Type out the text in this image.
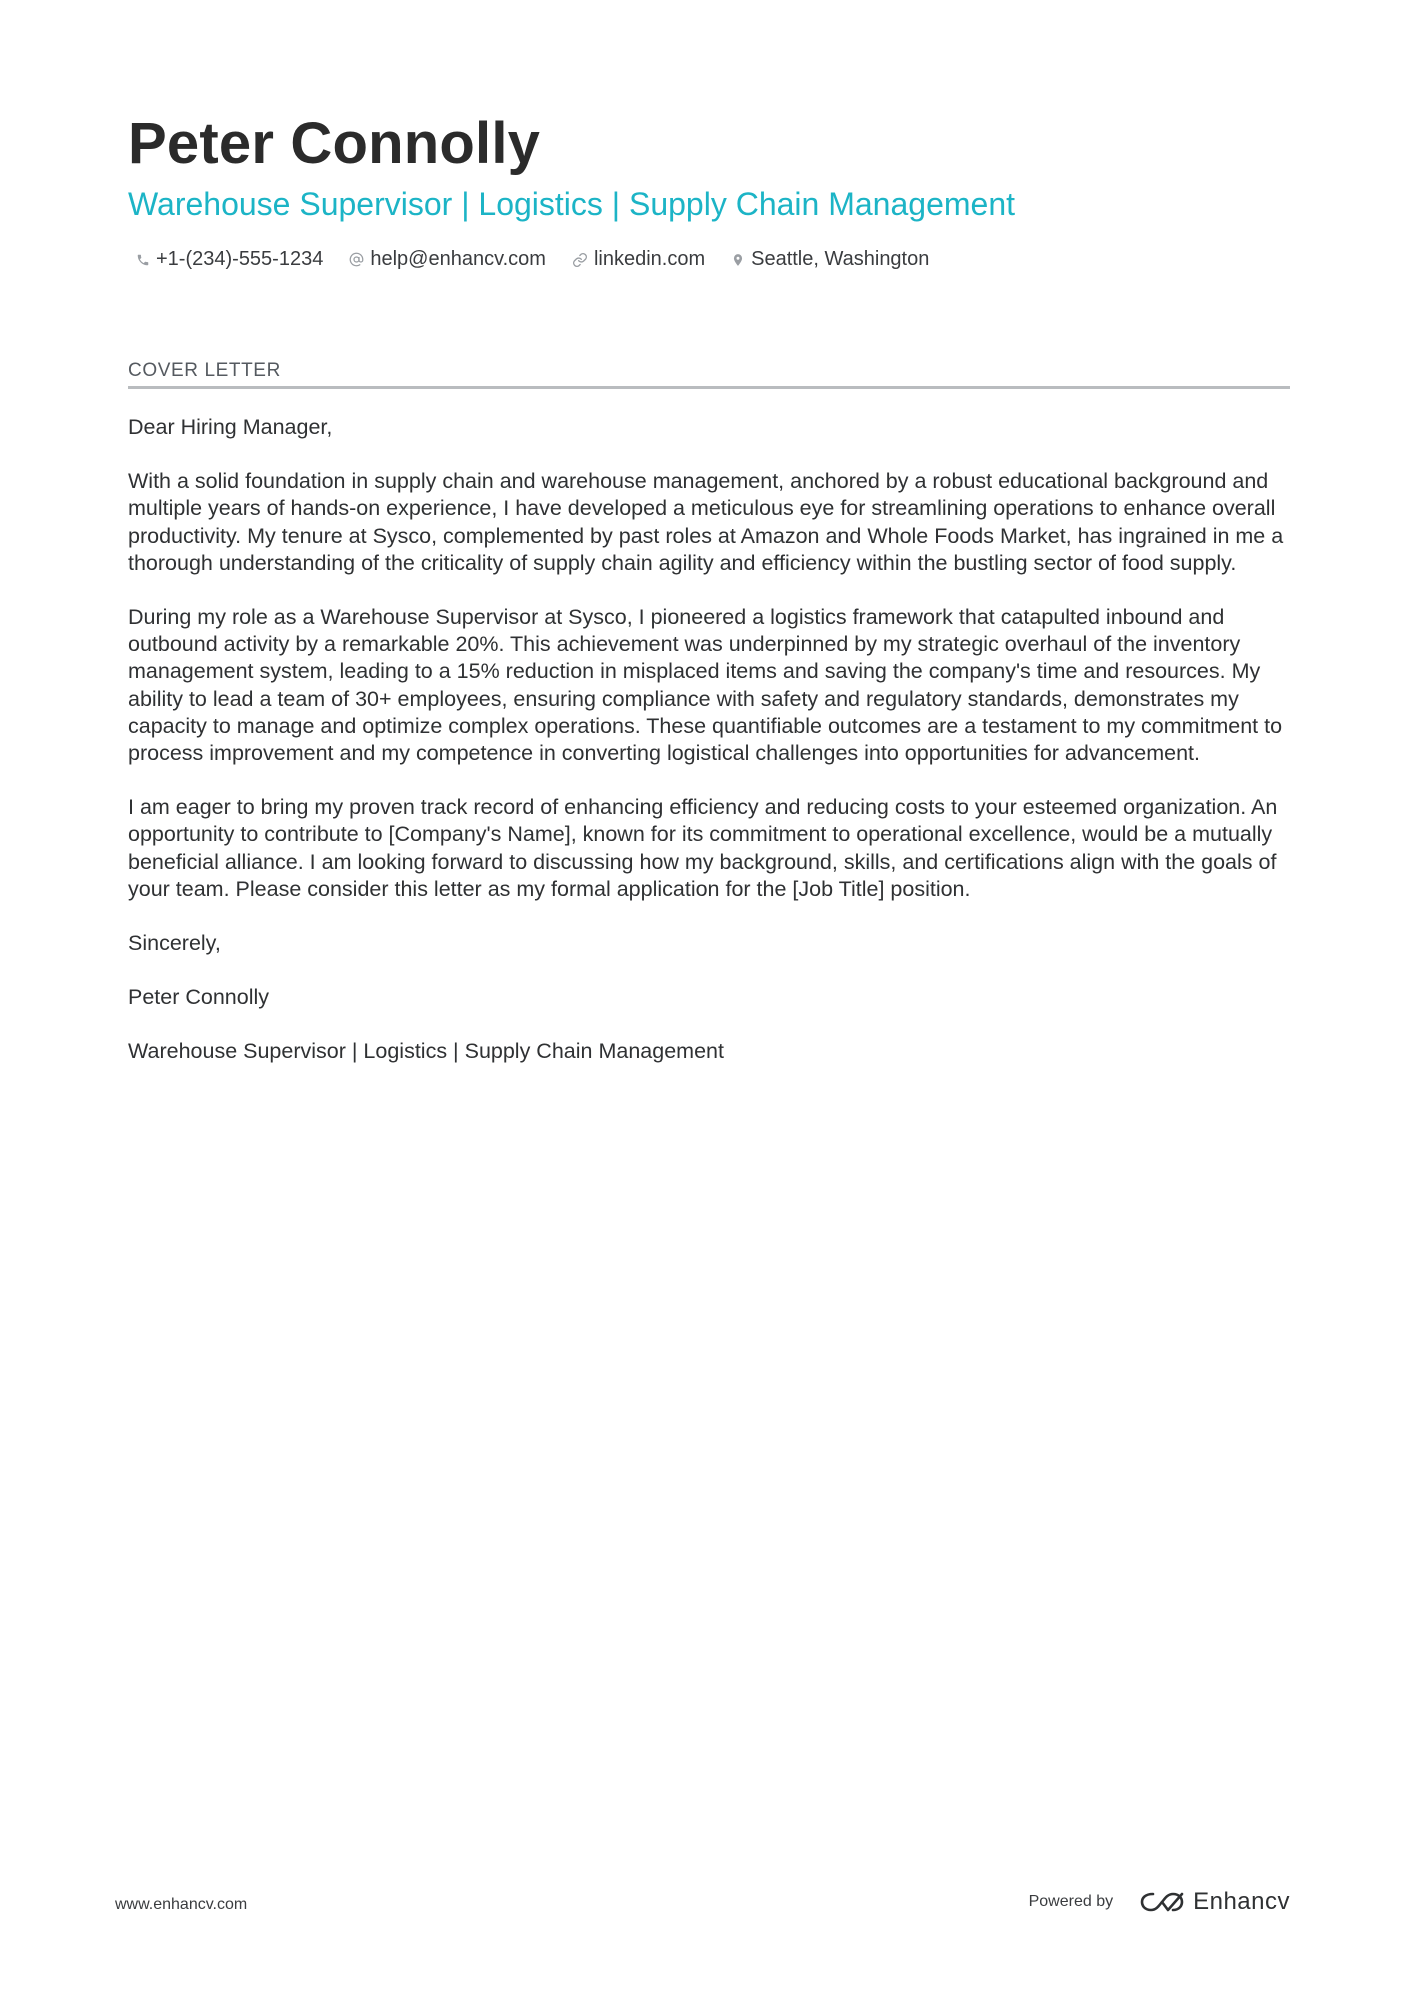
Peter Connolly
Warehouse Supervisor | Logistics | Supply Chain Management
+1-(234)-555-1234 help@enhancv.com linkedin.com Seattle, Washington
COVER LETTER

Dear Hiring Manager,

With a solid foundation in supply chain and warehouse management, anchored by a robust educational background and multiple years of hands-on experience, I have developed a meticulous eye for streamlining operations to enhance overall productivity. My tenure at Sysco, complemented by past roles at Amazon and Whole Foods Market, has ingrained in me a thorough understanding of the criticality of supply chain agility and efficiency within the bustling sector of food supply.

During my role as a Warehouse Supervisor at Sysco, I pioneered a logistics framework that catapulted inbound and outbound activity by a remarkable 20%. This achievement was underpinned by my strategic overhaul of the inventory management system, leading to a 15% reduction in misplaced items and saving the company's time and resources. My ability to lead a team of 30+ employees, ensuring compliance with safety and regulatory standards, demonstrates my capacity to manage and optimize complex operations. These quantifiable outcomes are a testament to my commitment to process improvement and my competence in converting logistical challenges into opportunities for advancement.

I am eager to bring my proven track record of enhancing efficiency and reducing costs to your esteemed organization. An opportunity to contribute to [Company's Name], known for its commitment to operational excellence, would be a mutually beneficial alliance. I am looking forward to discussing how my background, skills, and certifications align with the goals of your team. Please consider this letter as my formal application for the [Job Title] position.

Sincerely,

Peter Connolly

Warehouse Supervisor | Logistics | Supply Chain Management

www.enhancv.com	Powered by	Enhancv
